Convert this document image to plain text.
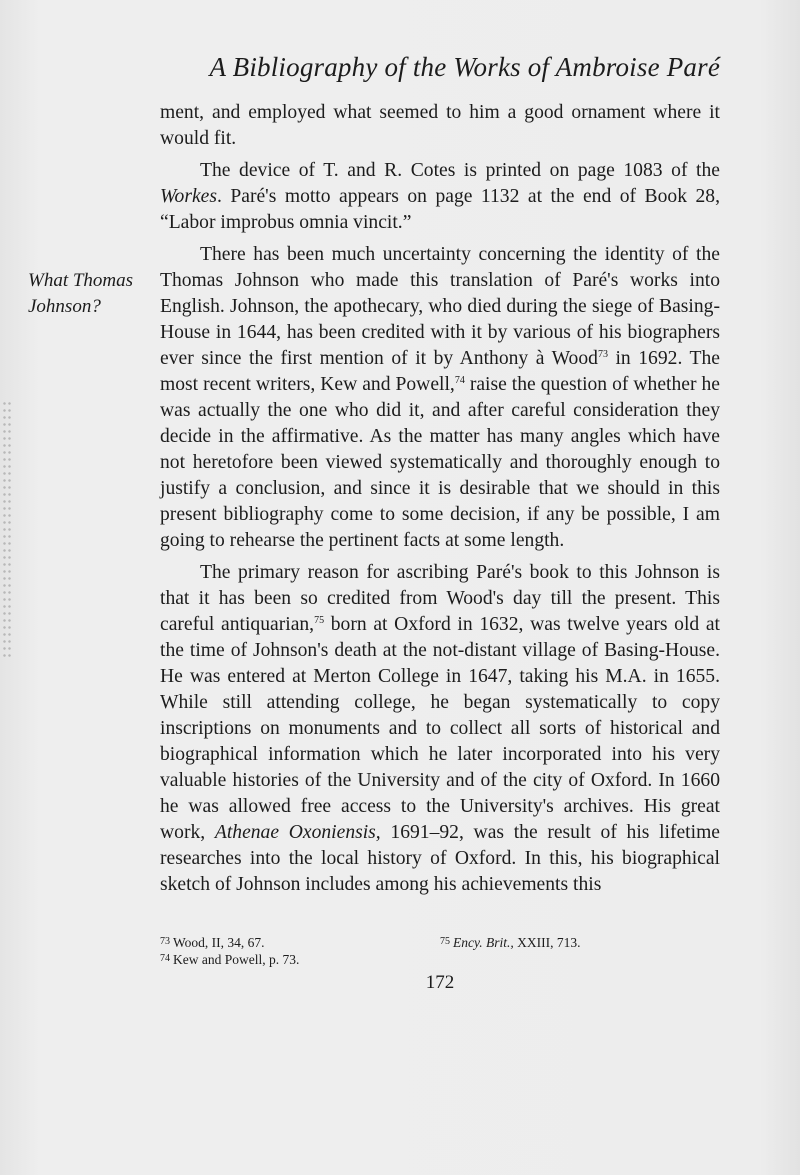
A Bibliography of the Works of Ambroise Paré
What Thomas
Johnson?

ment, and employed what seemed to him a good ornament where it would fit.

The device of T. and R. Cotes is printed on page 1083 of the Workes. Paré's motto appears on page 1132 at the end of Book 28, “Labor improbus omnia vincit.”

There has been much uncertainty concerning the identity of the Thomas Johnson who made this translation of Paré's works into English. Johnson, the apothecary, who died during the siege of Basing-House in 1644, has been credited with it by various of his biographers ever since the first mention of it by Anthony à Wood$^{73}$ in 1692. The most recent writers, Kew and Powell,$^{74}$ raise the question of whether he was actually the one who did it, and after careful consideration they decide in the affirmative. As the matter has many angles which have not heretofore been viewed systematically and thoroughly enough to justify a conclusion, and since it is desirable that we should in this present bibliography come to some decision, if any be possible, I am going to rehearse the pertinent facts at some length.

The primary reason for ascribing Paré's book to this Johnson is that it has been so credited from Wood's day till the present. This careful antiquarian,$^{75}$ born at Oxford in 1632, was twelve years old at the time of Johnson's death at the not-distant village of Basing-House. He was entered at Merton College in 1647, taking his M.A. in 1655. While still attending college, he began systematically to copy inscriptions on monuments and to collect all sorts of historical and biographical information which he later incorporated into his very valuable histories of the University and of the city of Oxford. In 1660 he was allowed free access to the University's archives. His great work, Athenae Oxoniensis, 1691–92, was the result of his lifetime researches into the local history of Oxford. In this, his biographical sketch of Johnson includes among his achievements this

$^{73}$ Wood, II, 34, 67.
$^{74}$ Kew and Powell, p. 73.
$^{75}$ Ency. Brit., XXIII, 713.
172
